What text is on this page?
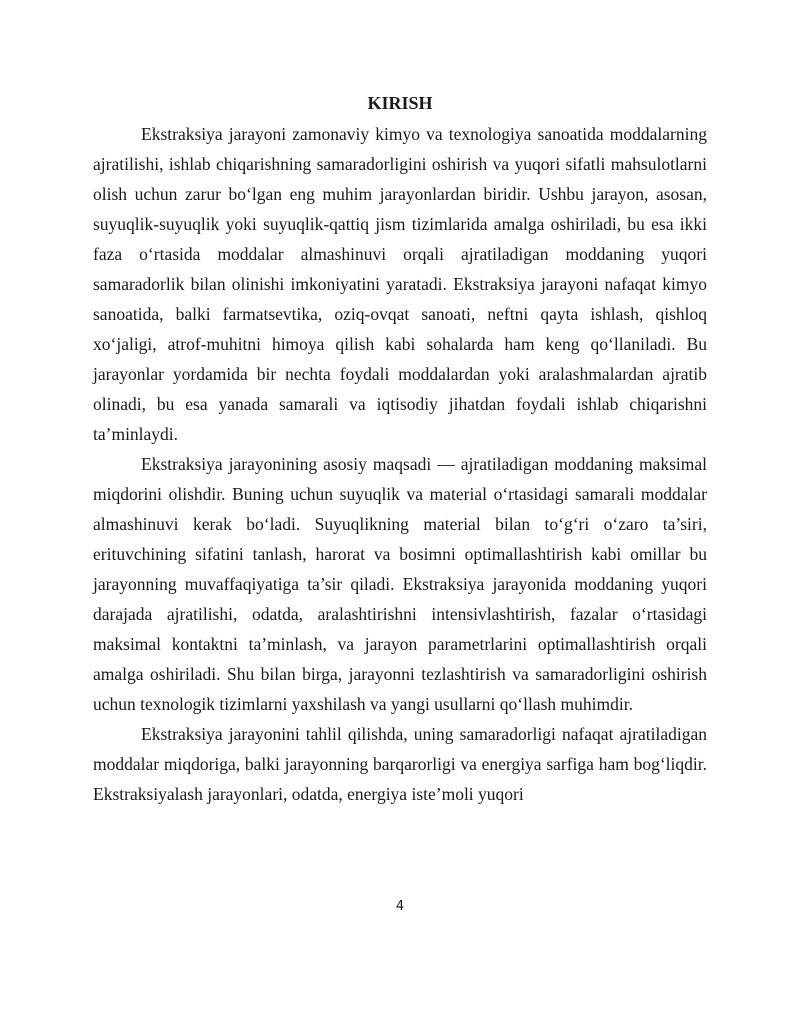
KIRISH

Ekstraksiya jarayoni zamonaviy kimyo va texnologiya sanoatida moddalarning ajratilishi, ishlab chiqarishning samaradorligini oshirish va yuqori sifatli mahsulotlarni olish uchun zarur bo‘lgan eng muhim jarayonlardan biridir. Ushbu jarayon, asosan, suyuqlik-suyuqlik yoki suyuqlik-qattiq jism tizimlarida amalga oshiriladi, bu esa ikki faza o‘rtasida moddalar almashinuvi orqali ajratiladigan moddaning yuqori samaradorlik bilan olinishi imkoniyatini yaratadi. Ekstraksiya jarayoni nafaqat kimyo sanoatida, balki farmatsevtika, oziq-ovqat sanoati, neftni qayta ishlash, qishloq xo‘jaligi, atrof-muhitni himoya qilish kabi sohalarda ham keng qo‘llaniladi. Bu jarayonlar yordamida bir nechta foydali moddalardan yoki aralashmalardan ajratib olinadi, bu esa yanada samarali va iqtisodiy jihatdan foydali ishlab chiqarishni ta’minlaydi.

Ekstraksiya jarayonining asosiy maqsadi — ajratiladigan moddaning maksimal miqdorini olishdir. Buning uchun suyuqlik va material o‘rtasidagi samarali moddalar almashinuvi kerak bo‘ladi. Suyuqlikning material bilan to‘g‘ri o‘zaro ta’siri, erituvchining sifatini tanlash, harorat va bosimni optimallashtirish kabi omillar bu jarayonning muvaffaqiyatiga ta’sir qiladi. Ekstraksiya jarayonida moddaning yuqori darajada ajratilishi, odatda, aralashtirishni intensivlashtirish, fazalar o‘rtasidagi maksimal kontaktni ta’minlash, va jarayon parametrlarini optimallashtirish orqali amalga oshiriladi. Shu bilan birga, jarayonni tezlashtirish va samaradorligini oshirish uchun texnologik tizimlarni yaxshilash va yangi usullarni qo‘llash muhimdir.

Ekstraksiya jarayonini tahlil qilishda, uning samaradorligi nafaqat ajratiladigan moddalar miqdoriga, balki jarayonning barqarorligi va energiya sarfiga ham bog‘liqdir. Ekstraksiyalash jarayonlari, odatda, energiya iste’moli yuqori

4
